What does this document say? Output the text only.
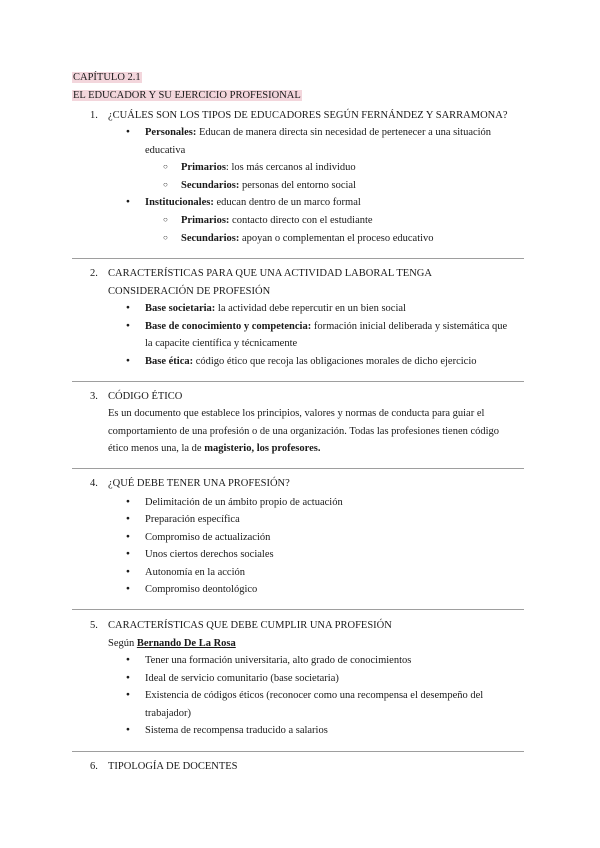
CAPÍTULO 2.1
EL EDUCADOR Y SU EJERCICIO PROFESIONAL
1. ¿CUÁLES SON LOS TIPOS DE EDUCADORES SEGÚN FERNÁNDEZ Y SARRAMONA?
● Personales: Educan de manera directa sin necesidad de pertenecer a una situación
educativa
○ Primarios: los más cercanos al individuo
○ Secundarios: personas del entorno social
● Institucionales: educan dentro de un marco formal
○ Primarios: contacto directo con el estudiante
○ Secundarios: apoyan o complementan el proceso educativo
2. CARACTERÍSTICAS PARA QUE UNA ACTIVIDAD LABORAL TENGA
CONSIDERACIÓN DE PROFESIÓN
● Base societaria: la actividad debe repercutir en un bien social
● Base de conocimiento y competencia: formación inicial deliberada y sistemática que
la capacite científica y técnicamente
● Base ética: código ético que recoja las obligaciones morales de dicho ejercicio
3. CÓDIGO ÉTICO
Es un documento que establece los principios, valores y normas de conducta para guiar el
comportamiento de una profesión o de una organización. Todas las profesiones tienen código
ético menos una, la de magisterio, los profesores.
4. ¿QUÉ DEBE TENER UNA PROFESIÓN?
● Delimitación de un ámbito propio de actuación
● Preparación específica
● Compromiso de actualización
● Unos ciertos derechos sociales
● Autonomía en la acción
● Compromiso deontológico
5. CARACTERÍSTICAS QUE DEBE CUMPLIR UNA PROFESIÓN
Según Bernando De La Rosa
● Tener una formación universitaria, alto grado de conocimientos
● Ideal de servicio comunitario (base societaria)
● Existencia de códigos éticos (reconocer como una recompensa el desempeño del
trabajador)
● Sistema de recompensa traducido a salarios
6. TIPOLOGÍA DE DOCENTES
